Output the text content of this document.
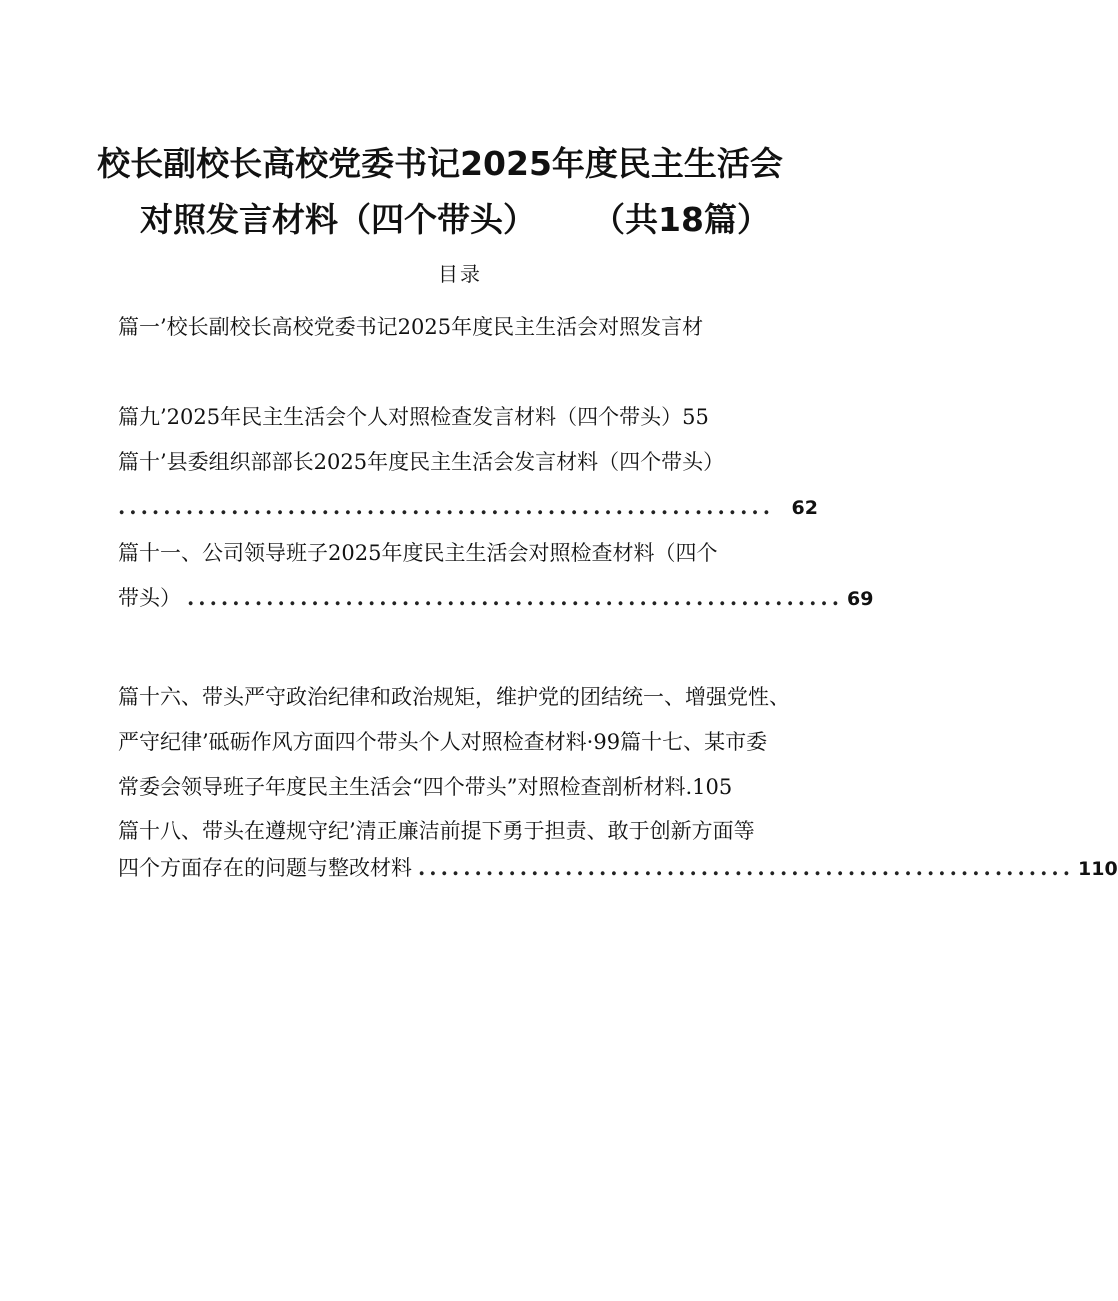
校长副校长高校党委书记2025年度民主生活会
对照发言材料（四个带头） （共18篇）
目录
篇一’校长副校长高校党委书记2025年度民主生活会对照发言材
篇九’2025年民主生活会个人对照检查发言材料（四个带头）55
篇十’县委组织部部长2025年度民主生活会发言材料（四个带头）
.......................................................... 62
篇十一、公司领导班子2025年度民主生活会对照检查材料（四个
带头） .......................................................... 69
篇十六、带头严守政治纪律和政治规矩，维护党的团结统一、增强党性、
严守纪律’砥砺作风方面四个带头个人对照检查材料·99篇十七、某市委
常委会领导班子年度民主生活会“四个带头”对照检查剖析材料.105
篇十八、带头在遵规守纪’清正廉洁前提下勇于担责、敢于创新方面等
四个方面存在的问题与整改材料 .......................................................... 110
